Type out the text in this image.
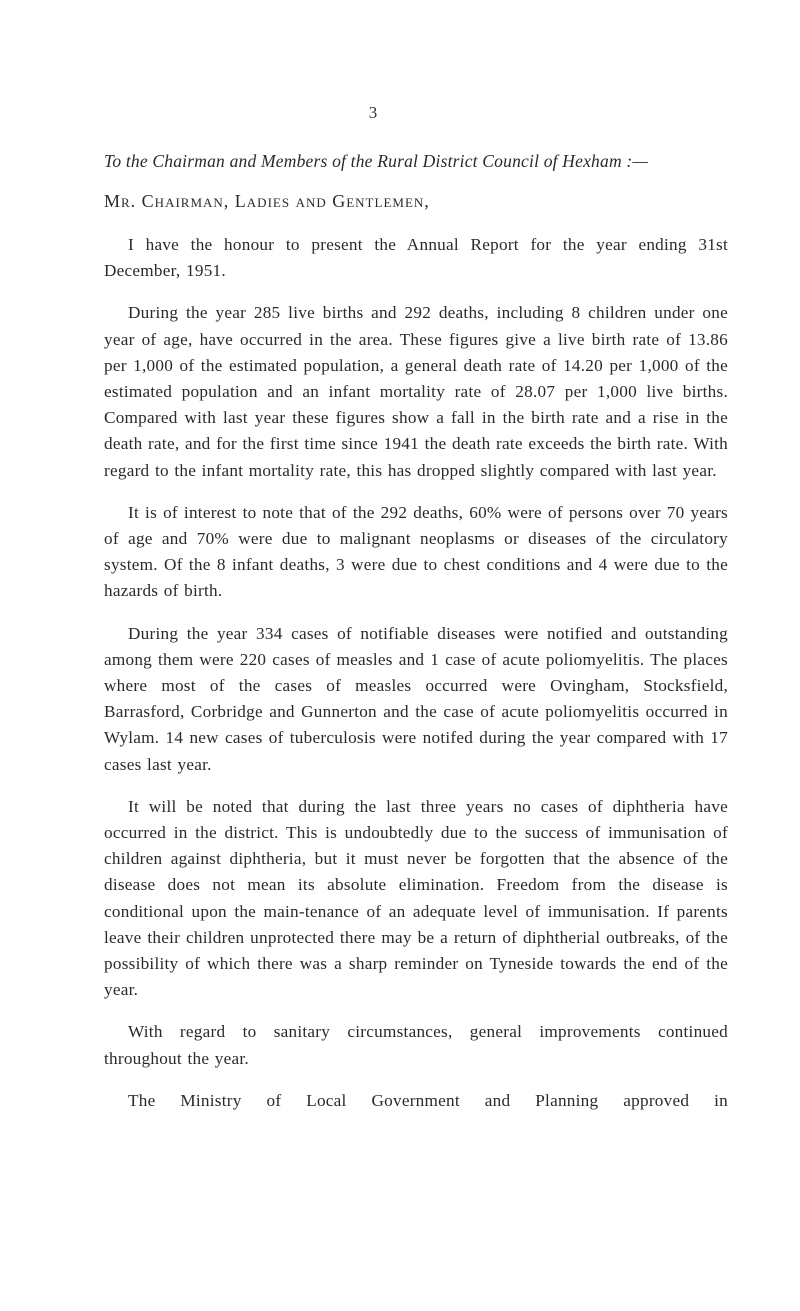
3

To the Chairman and Members of the Rural District Council of Hexham :—

Mr. Chairman, Ladies and Gentlemen,

I have the honour to present the Annual Report for the year ending 31st December, 1951.

During the year 285 live births and 292 deaths, including 8 children under one year of age, have occurred in the area. These figures give a live birth rate of 13.86 per 1,000 of the estimated population, a general death rate of 14.20 per 1,000 of the estimated population and an infant mortality rate of 28.07 per 1,000 live births. Compared with last year these figures show a fall in the birth rate and a rise in the death rate, and for the first time since 1941 the death rate exceeds the birth rate. With regard to the infant mortality rate, this has dropped slightly compared with last year.

It is of interest to note that of the 292 deaths, 60% were of persons over 70 years of age and 70% were due to malignant neoplasms or diseases of the circulatory system. Of the 8 infant deaths, 3 were due to chest conditions and 4 were due to the hazards of birth.

During the year 334 cases of notifiable diseases were notified and outstanding among them were 220 cases of measles and 1 case of acute poliomyelitis. The places where most of the cases of measles occurred were Ovingham, Stocksfield, Barrasford, Corbridge and Gunnerton and the case of acute poliomyelitis occurred in Wylam. 14 new cases of tuberculosis were notifed during the year compared with 17 cases last year.

It will be noted that during the last three years no cases of diphtheria have occurred in the district. This is undoubtedly due to the success of immunisation of children against diphtheria, but it must never be forgotten that the absence of the disease does not mean its absolute elimination. Freedom from the disease is conditional upon the main-tenance of an adequate level of immunisation. If parents leave their children unprotected there may be a return of diphtherial outbreaks, of the possibility of which there was a sharp reminder on Tyneside towards the end of the year.

With regard to sanitary circumstances, general improvements continued throughout the year.

The Ministry of Local Government and Planning approved in
